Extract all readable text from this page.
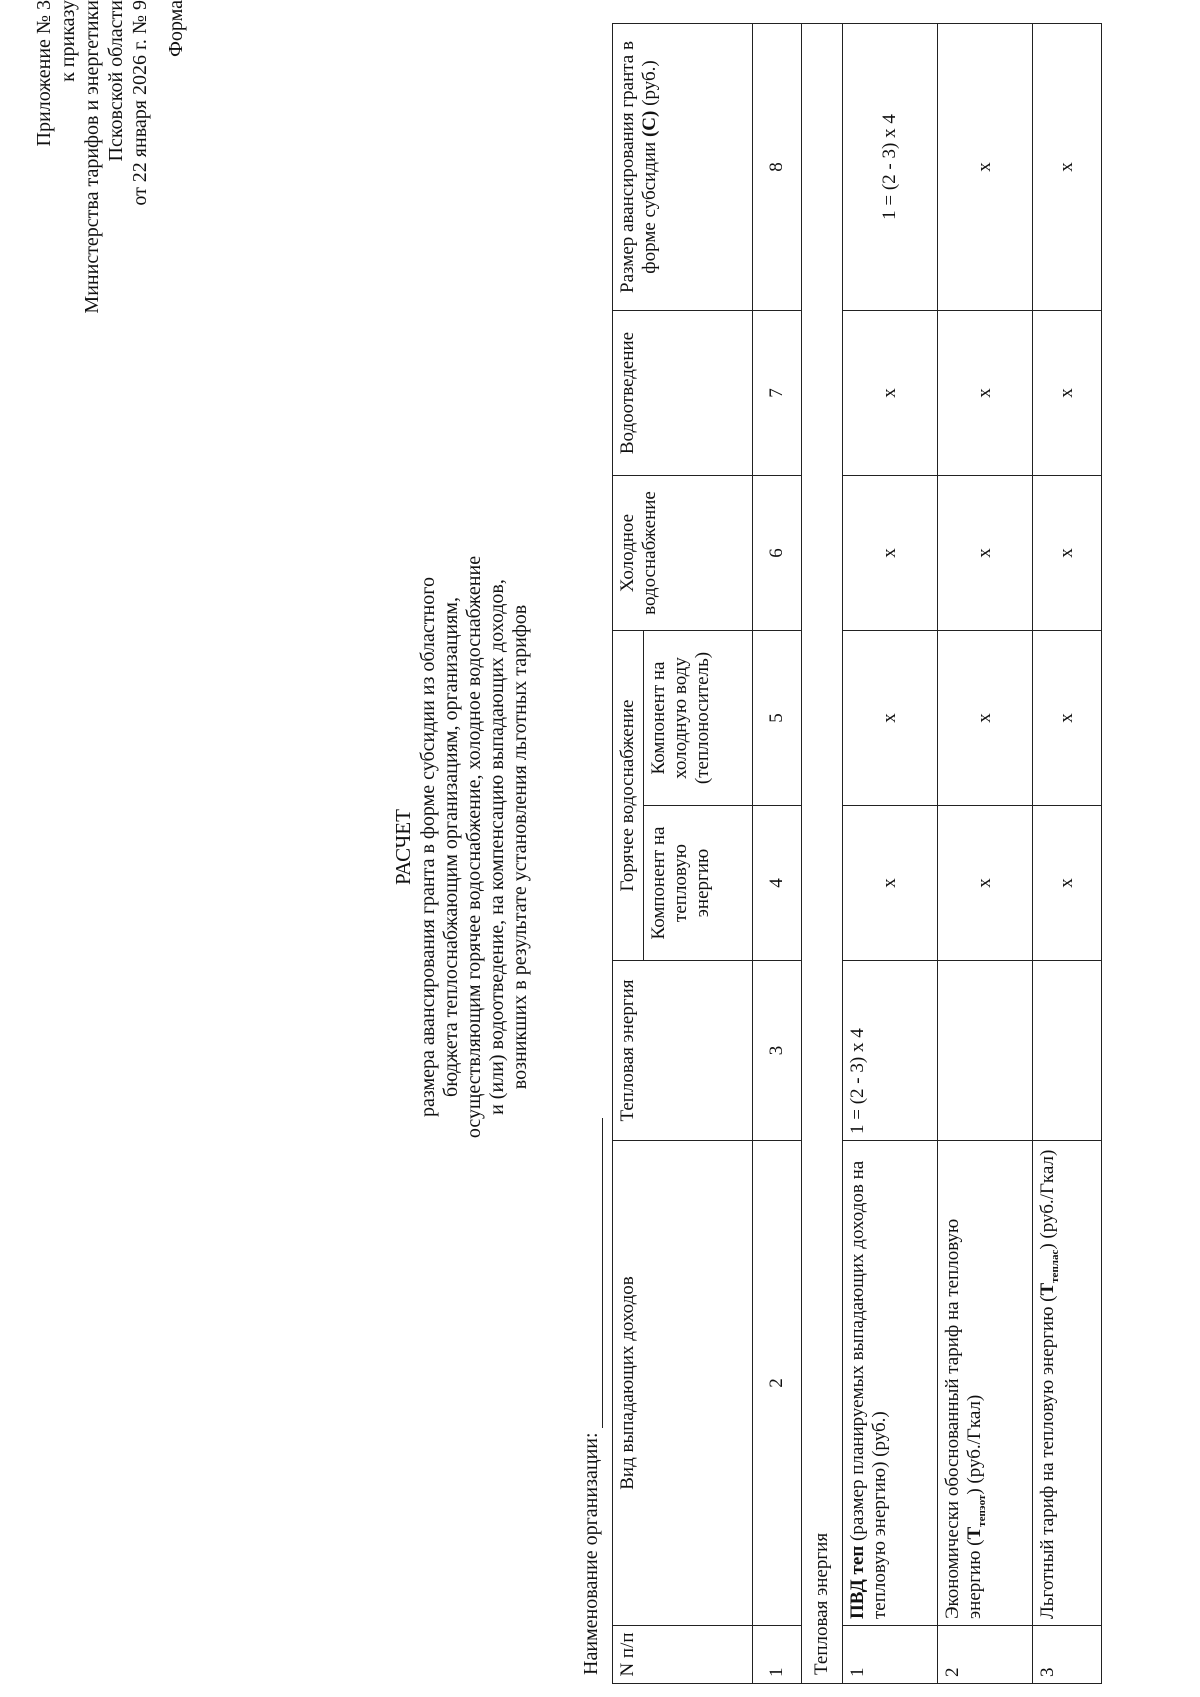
Приложение № 3 к приказу Министерства тарифов и энергетики Псковской области от 22 января 2026 г. № 9 Форма
РАСЧЕТ размера авансирования гранта в форме субсидии из областного бюджета теплоснабжающим организациям, организациям, осуществляющим горячее водоснабжение, холодное водоснабжение и (или) водоотведение, на компенсацию выпадающих доходов, возникших в результате установления льготных тарифов
Наименование организации: N п/п	Вид выпадающих доходов	Тепловая энергия	Горячее водоснабжение		Холодное водоснабжение	Водоотведение	Размер авансирования гранта в форме субсидии (С) (руб.)
			Компонент на тепловую энергию	Компонент на холодную воду (теплоноситель)			
1	2	3	4	5	6	7	8
Тепловая энергия							
1	ПВД теп (размер планируемых выпадающих доходов на тепловую энергию) (руб.)	1 = (2 - 3) х 4	x	x	x	x	1 = (2 - 3) х 4
2	Экономически обоснованный тариф на тепловую энергию $(Т_{тепэот})$ (руб./Гкал)		x	x	x	x	x
3	Льготный тариф на тепловую энергию $(Т_{теплас})$ (руб./Гкал)		x	x	x	x	x
